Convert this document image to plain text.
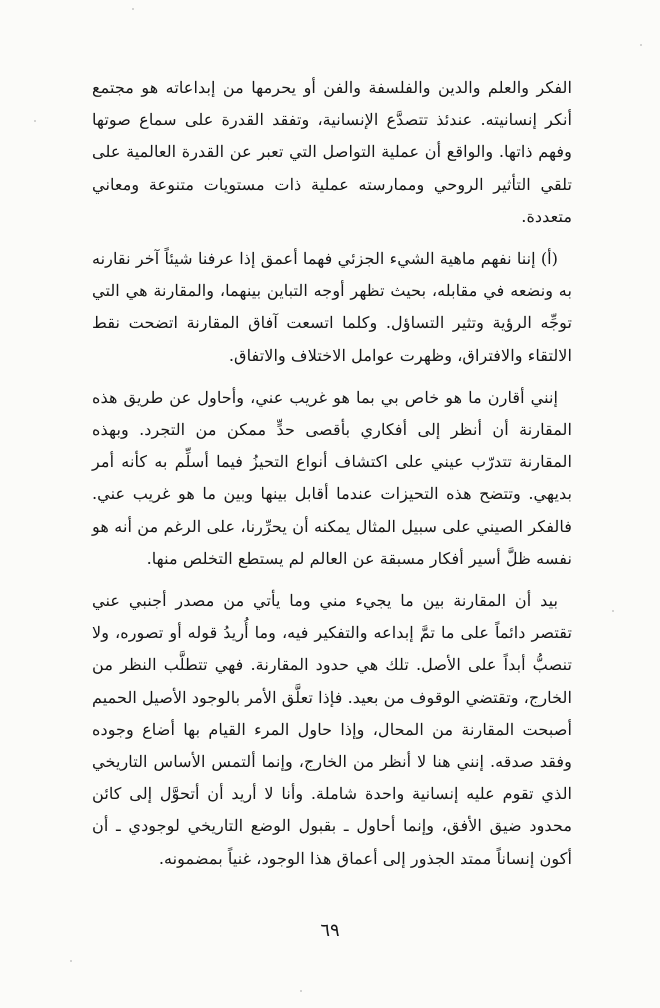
الفكر والعلم والدين والفلسفة والفن أو يحرمها من إبداعاته هو مجتمع أنكر إنسانيته. عندئذ تتصدَّع الإنسانية، وتفقد القدرة على سماع صوتها وفهم ذاتها. والواقع أن عملية التواصل التي تعبر عن القدرة العالمية على تلقي التأثير الروحي وممارسته عملية ذات مستويات متنوعة ومعاني متعددة.

(أ) إننا نفهم ماهية الشيء الجزئي فهما أعمق إذا عرفنا شيئاً آخر نقارنه به ونضعه في مقابله، بحيث تظهر أوجه التباين بينهما، والمقارنة هي التي توجِّه الرؤية وتثير التساؤل. وكلما اتسعت آفاق المقارنة اتضحت نقط الالتقاء والافتراق، وظهرت عوامل الاختلاف والاتفاق.

إنني أقارن ما هو خاص بي بما هو غريب عني، وأحاول عن طريق هذه المقارنة أن أنظر إلى أفكاري بأقصى حدٍّ ممكن من التجرد. وبهذه المقارنة تتدرّب عيني على اكتشاف أنواع التحيزُ فيما أسلِّم به كأنه أمر بديهي. وتتضح هذه التحيزات عندما أقابل بينها وبين ما هو غريب عني. فالفكر الصيني على سبيل المثال يمكنه أن يحرِّرنا، على الرغم من أنه هو نفسه ظلَّ أسير أفكار مسبقة عن العالم لم يستطع التخلص منها.

بيد أن المقارنة بين ما يجيء مني وما يأتي من مصدر أجنبي عني تقتصر دائماً على ما تمَّ إبداعه والتفكير فيه، وما أُريدُ قوله أو تصوره، ولا تنصبُّ أبداً على الأصل. تلك هي حدود المقارنة. فهي تتطلَّب النظر من الخارج، وتقتضي الوقوف من بعيد. فإذا تعلَّق الأمر بالوجود الأصيل الحميم أصبحت المقارنة من المحال، وإذا حاول المرء القيام بها أضاع وجوده وفقد صدقه. إنني هنا لا أنظر من الخارج، وإنما ألتمس الأساس التاريخي الذي تقوم عليه إنسانية واحدة شاملة. وأنا لا أريد أن أتحوَّل إلى كائن محدود ضيق الأفق، وإنما أحاول ـ بقبول الوضع التاريخي لوجودي ـ أن أكون إنساناً ممتد الجذور إلى أعماق هذا الوجود، غنياً بمضمونه.

٦٩
